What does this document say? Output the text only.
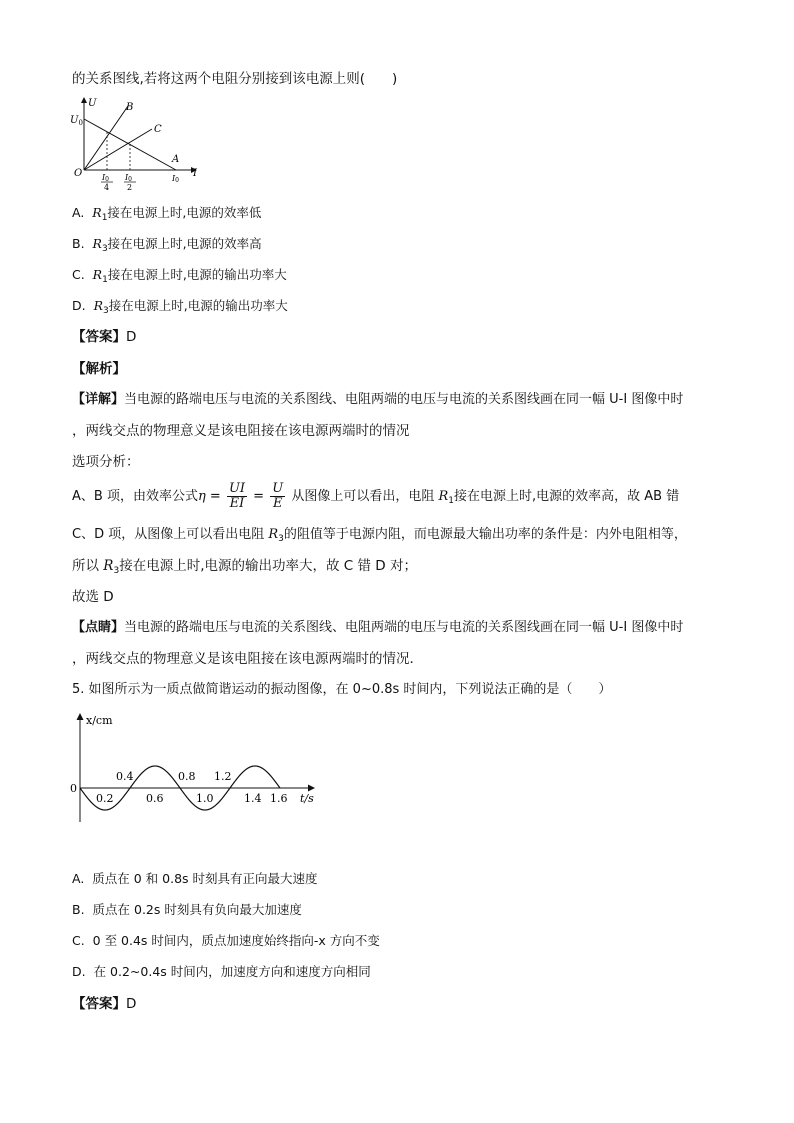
的关系图线,若将这两个电阻分别接到该电源上则(　　)
U
$U_0$
B
C
A
O	I
I0
4
I0
2
I0
A. $R_1$接在电源上时,电源的效率低
B. $R_3$接在电源上时,电源的效率高
C. $R_1$接在电源上时,电源的输出功率大
D. $R_3$接在电源上时,电源的输出功率大
【答案】D
【解析】
【详解】当电源的路端电压与电流的关系图线、电阻两端的电压与电流的关系图线画在同一幅 U-I 图像中时
，两线交点的物理意义是该电阻接在该电源两端时的情况
选项分析：
A、B 项，由效率公式$\eta = \frac{UI}{EI} = \frac{U}{E}$ 从图像上可以看出，电阻 $R_1$接在电源上时,电源的效率高，故 AB 错
C、D 项，从图像上可以看出电阻 $R_3$的阻值等于电源内阻，而电源最大输出功率的条件是：内外电阻相等，
所以 $R_3$接在电源上时,电源的输出功率大，故 C 错 D 对；
故选 D
【点睛】当电源的路端电压与电流的关系图线、电阻两端的电压与电流的关系图线画在同一幅 U-I 图像中时
，两线交点的物理意义是该电阻接在该电源两端时的情况．
5. 如图所示为一质点做简谐运动的振动图像，在 0~0.8s 时间内，下列说法正确的是（　　）
x/cm
t/s
0
0.2	0.6	1.0	1.4 1.6
0.4	0.8 1.2
A. 质点在 0 和 0.8s 时刻具有正向最大速度
B. 质点在 0.2s 时刻具有负向最大加速度
C. 0 至 0.4s 时间内，质点加速度始终指向-x 方向不变
D. 在 0.2~0.4s 时间内，加速度方向和速度方向相同
【答案】D
